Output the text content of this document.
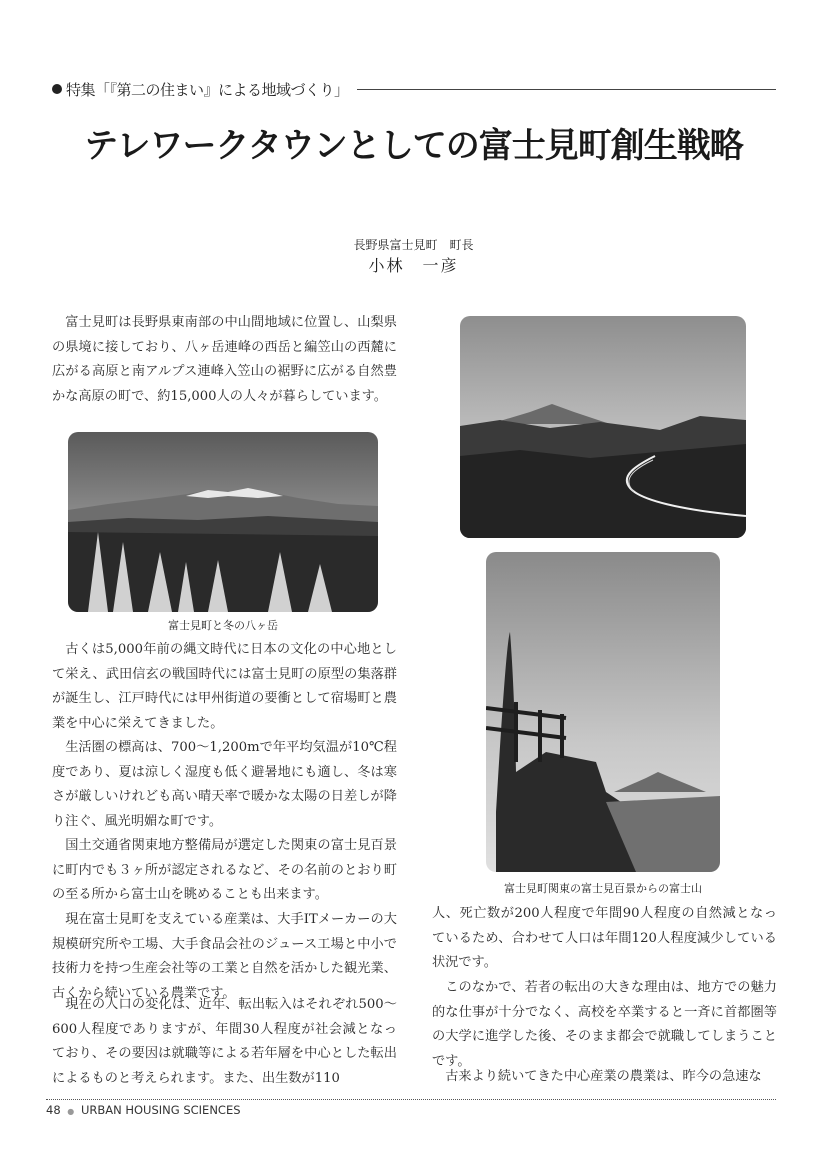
特集「『第二の住まい』による地域づくり」
テレワークタウンとしての富士見町創生戦略
長野県富士見町　町長
小林　一彦

富士見町は長野県東南部の中山間地域に位置し、山梨県の県境に接しており、八ヶ岳連峰の西岳と編笠山の西麓に広がる高原と南アルプス連峰入笠山の裾野に広がる自然豊かな高原の町で、約15,000人の人々が暮らしています。

富士見町と冬の八ヶ岳

古くは5,000年前の縄文時代に日本の文化の中心地として栄え、武田信玄の戦国時代には富士見町の原型の集落群が誕生し、江戸時代には甲州街道の要衝として宿場町と農業を中心に栄えてきました。

生活圏の標高は、700～1,200mで年平均気温が10℃程度であり、夏は涼しく湿度も低く避暑地にも適し、冬は寒さが厳しいけれども高い晴天率で暖かな太陽の日差しが降り注ぐ、風光明媚な町です。

国土交通省関東地方整備局が選定した関東の富士見百景に町内でも３ヶ所が認定されるなど、その名前のとおり町の至る所から富士山を眺めることも出来ます。

現在富士見町を支えている産業は、大手ITメーカーの大規模研究所や工場、大手食品会社のジュース工場と中小で技術力を持つ生産会社等の工業と自然を活かした観光業、古くから続いている農業です。

現在の人口の変化は、近年、転出転入はそれぞれ500～600人程度でありますが、年間30人程度が社会減となっており、その要因は就職等による若年層を中心とした転出によるものと考えられます。また、出生数が110

富士見町関東の富士見百景からの富士山

人、死亡数が200人程度で年間90人程度の自然減となっているため、合わせて人口は年間120人程度減少している状況です。

このなかで、若者の転出の大きな理由は、地方での魅力的な仕事が十分でなく、高校を卒業すると一斉に首都圏等の大学に進学した後、そのまま都会で就職してしまうことです。

古来より続いてきた中心産業の農業は、昨今の急速な

48 ● URBAN HOUSING SCIENCES
